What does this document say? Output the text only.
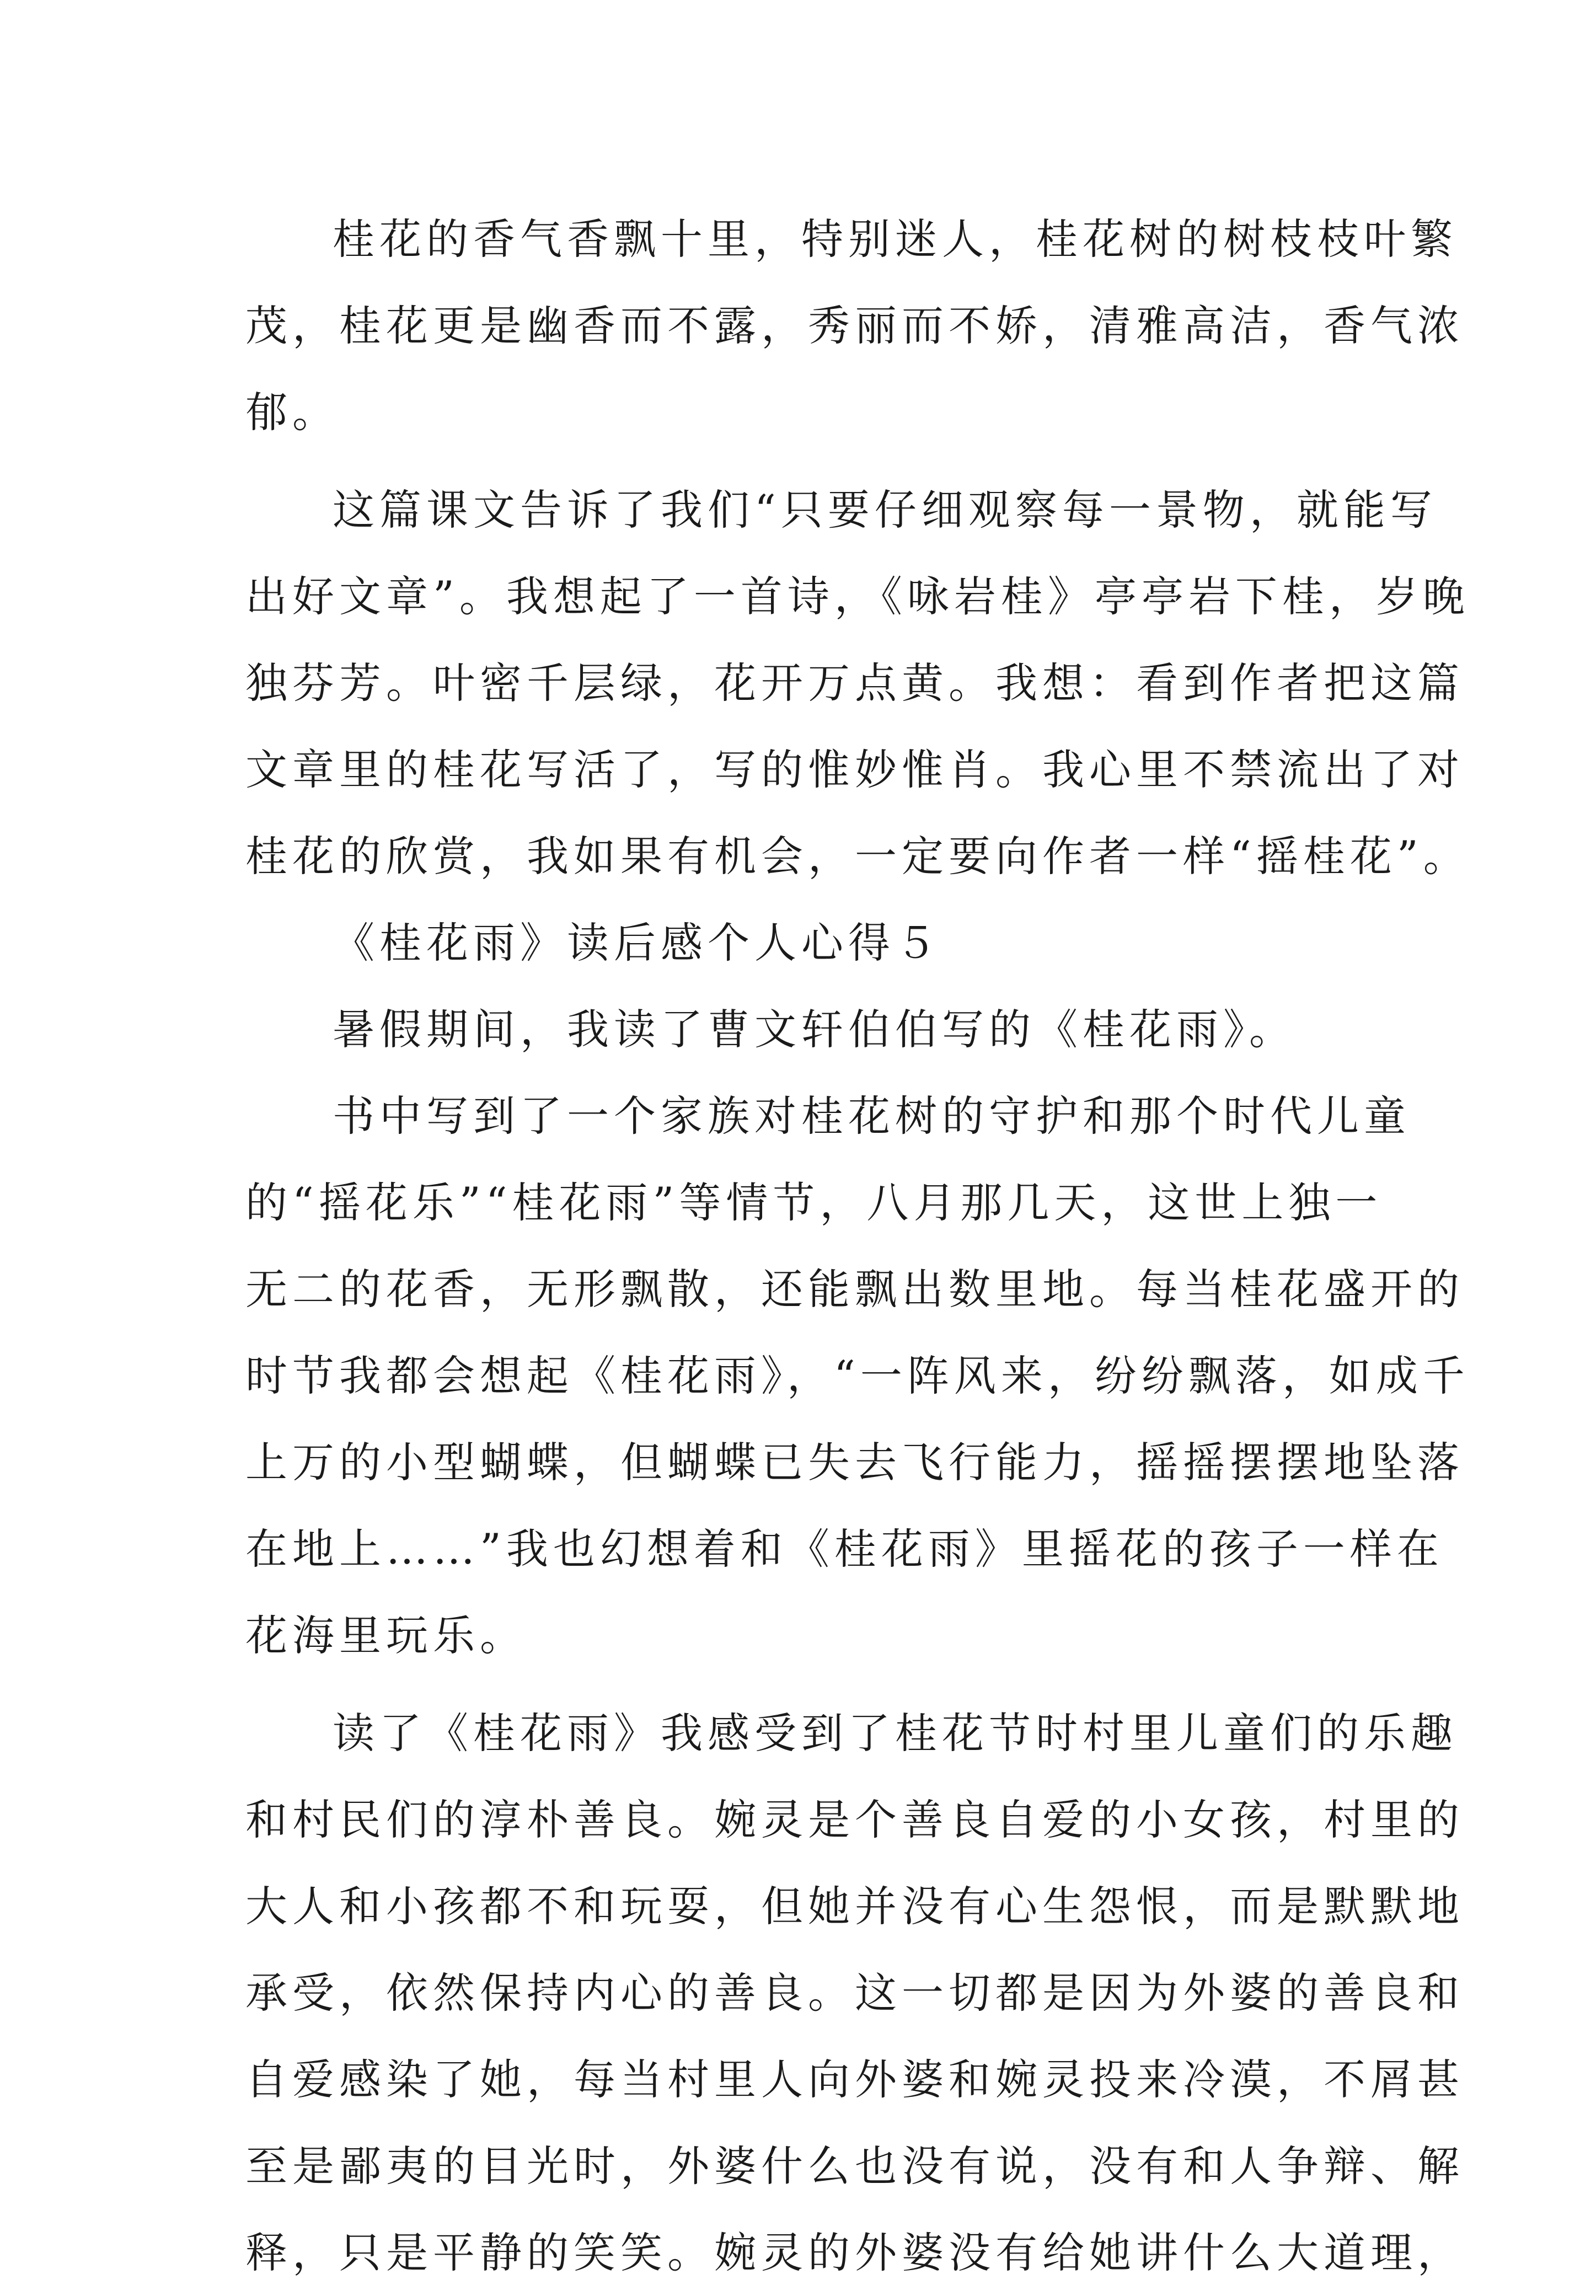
桂花的香气香飘十里，特别迷人，桂花树的树枝枝叶繁
茂，桂花更是幽香而不露，秀丽而不娇，清雅高洁，香气浓
郁。
这篇课文告诉了我们“只要仔细观察每一景物，就能写
出好文章”。我想起了一首诗，《咏岩桂》亭亭岩下桂，岁晚
独芬芳。叶密千层绿，花开万点黄。我想：看到作者把这篇
文章里的桂花写活了，写的惟妙惟肖。我心里不禁流出了对
桂花的欣赏，我如果有机会，一定要向作者一样“摇桂花”。
《桂花雨》读后感个人心得５
暑假期间，我读了曹文轩伯伯写的《桂花雨》。
书中写到了一个家族对桂花树的守护和那个时代儿童
的“摇花乐”“桂花雨”等情节，八月那几天，这世上独一
无二的花香，无形飘散，还能飘出数里地。每当桂花盛开的
时节我都会想起《桂花雨》，“一阵风来，纷纷飘落，如成千
上万的小型蝴蝶，但蝴蝶已失去飞行能力，摇摇摆摆地坠落
在地上……”我也幻想着和《桂花雨》里摇花的孩子一样在
花海里玩乐。
读了《桂花雨》我感受到了桂花节时村里儿童们的乐趣
和村民们的淳朴善良。婉灵是个善良自爱的小女孩，村里的
大人和小孩都不和玩耍，但她并没有心生怨恨，而是默默地
承受，依然保持内心的善良。这一切都是因为外婆的善良和
自爱感染了她，每当村里人向外婆和婉灵投来冷漠，不屑甚
至是鄙夷的目光时，外婆什么也没有说，没有和人争辩、解
释，只是平静的笑笑。婉灵的外婆没有给她讲什么大道理，
